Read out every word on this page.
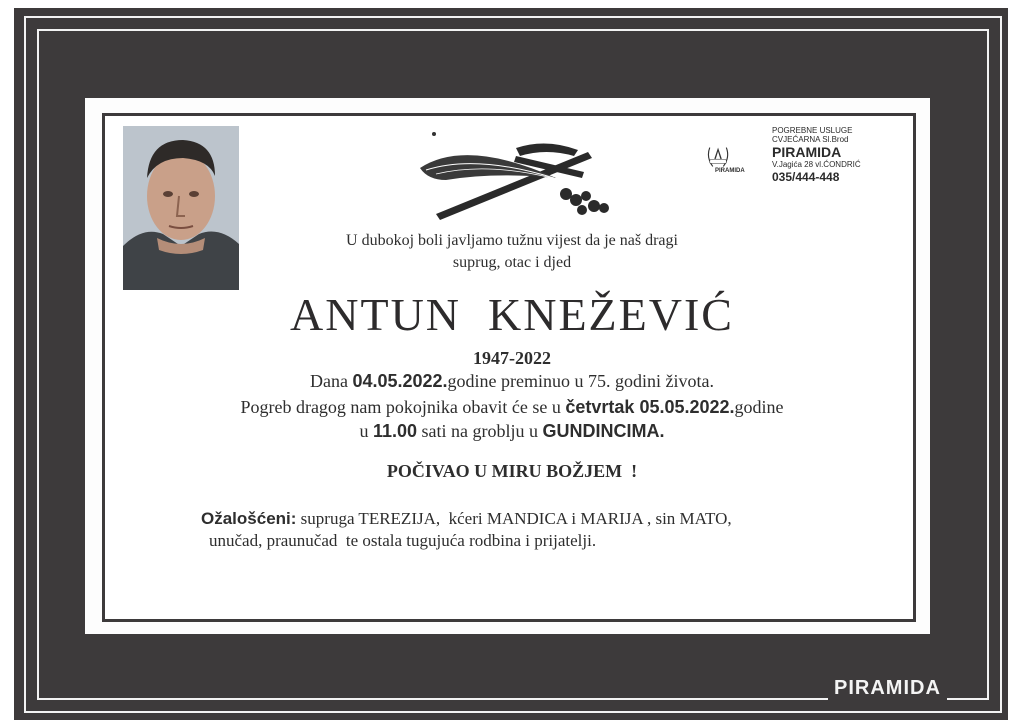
PIRAMIDA
POGREBNE USLUGE
CVJEĆARNA Sl.Brod
PIRAMIDA
V.Jagića 28 vl.ĆONDRIĆ
035/444-448
U dubokoj boli javljamo tužnu vijest da je naš dragi
suprug, otac i djed
ANTUN  KNEŽEVIĆ
1947-2022
Dana 04.05.2022.godine preminuo u 75. godini života.
Pogreb dragog nam pokojnika obavit će se u četvrtak 05.05.2022.godine
u 11.00 sati na groblju u GUNDINCIMA.
POČIVAO U MIRU BOŽJEM  !
Ožalošćeni: supruga TEREZIJA,  kćeri MANDICA i MARIJA , sin MATO,
unučad, praunučad  te ostala tugujuća rodbina i prijatelji.
PIRAMIDA
